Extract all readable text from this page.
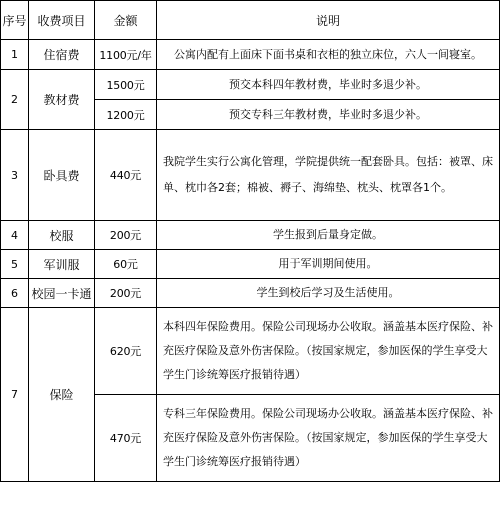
序号	收费项目	金额	说明
1	住宿费	1100元/年	公寓内配有上面床下面书桌和衣柜的独立床位，六人一间寝室。
2	教材费	1500元	预交本科四年教材费，毕业时多退少补。
		1200元	预交专科三年教材费，毕业时多退少补。
3	卧具费	440元	我院学生实行公寓化管理，学院提供统一配套卧具。包括：被罩、床单、枕巾各2套；棉被、褥子、海绵垫、枕头、枕罩各1个。
4	校服	200元	学生报到后量身定做。
5	军训服	60元	用于军训期间使用。
6	校园一卡通	200元	学生到校后学习及生活使用。
7	保险	620元	本科四年保险费用。保险公司现场办公收取。涵盖基本医疗保险、补充医疗保险及意外伤害保险。（按国家规定，参加医保的学生享受大学生门诊统筹医疗报销待遇）
		470元	专科三年保险费用。保险公司现场办公收取。涵盖基本医疗保险、补充医疗保险及意外伤害保险。（按国家规定，参加医保的学生享受大学生门诊统筹医疗报销待遇）
